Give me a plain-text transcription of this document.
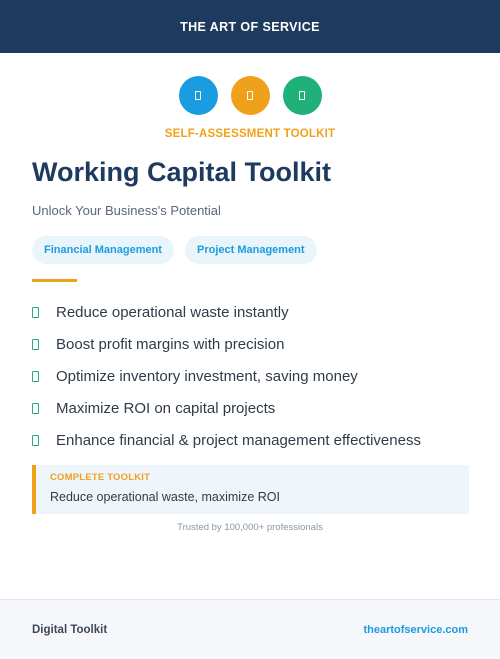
THE ART OF SERVICE
SELF-ASSESSMENT TOOLKIT
Working Capital Toolkit
Unlock Your Business's Potential
Financial Management	Project Management
Reduce operational waste instantly
Boost profit margins with precision
Optimize inventory investment, saving money
Maximize ROI on capital projects
Enhance financial & project management effectiveness
COMPLETE TOOLKIT
Reduce operational waste, maximize ROI
Trusted by 100,000+ professionals
Digital Toolkit	theartofservice.com
